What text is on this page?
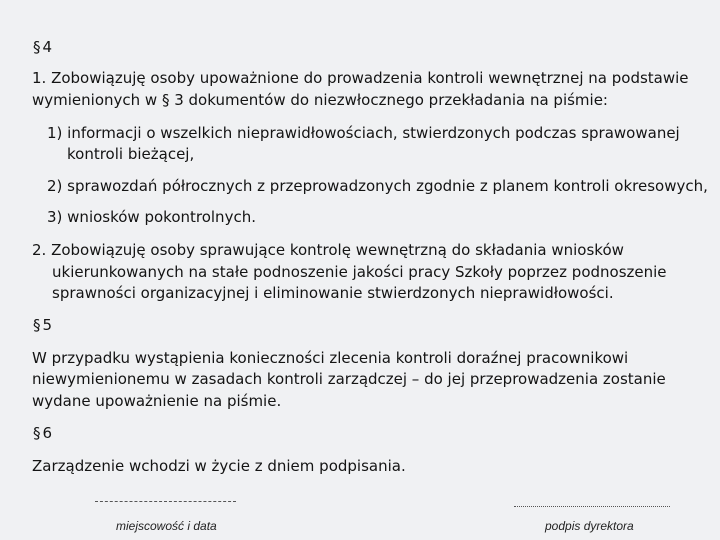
§4
1. Zobowiązuję osoby upoważnione do prowadzenia kontroli wewnętrznej na podstawie
wymienionych w § 3 dokumentów do niezwłocznego przekładania na piśmie:
1) informacji o wszelkich nieprawidłowościach, stwierdzonych podczas sprawowanej
kontroli bieżącej,
2) sprawozdań półrocznych z przeprowadzonych zgodnie z planem kontroli okresowych,
3) wniosków pokontrolnych.
2. Zobowiązuję osoby sprawujące kontrolę wewnętrzną do składania wniosków
ukierunkowanych na stałe podnoszenie jakości pracy Szkoły poprzez podnoszenie
sprawności organizacyjnej i eliminowanie stwierdzonych nieprawidłowości.
§5
W przypadku wystąpienia konieczności zlecenia kontroli doraźnej pracownikowi
niewymienionemu w zasadach kontroli zarządczej – do jej przeprowadzenia zostanie
wydane upoważnienie na piśmie.
§6
Zarządzenie wchodzi w życie z dniem podpisania.
miejscowość i data	podpis dyrektora
